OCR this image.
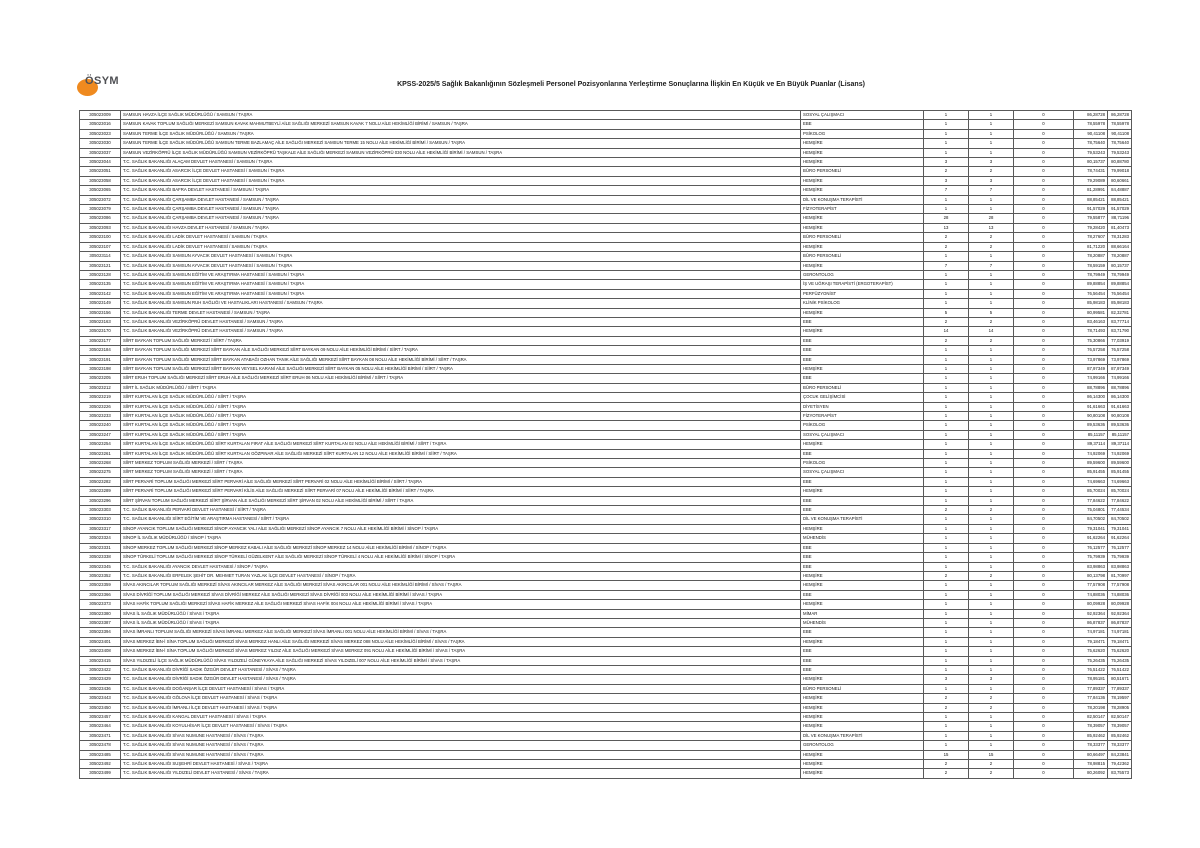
ÖSYM	KPSS-2025/5 Sağlık Bakanlığının Sözleşmeli Personel Pozisyonlarına Yerleştirme Sonuçlarına İlişkin En Küçük ve En Büyük Puanlar (Lisans)
305023009	SAMSUN HAVZA İLÇE SAĞLIK MÜDÜRLÜĞÜ / SAMSUN / TAŞRA	SOSYAL ÇALIŞMACI	1	1	0	86,28728	86,28728
305023016	SAMSUN KAVAK TOPLUM SAĞLIĞI MERKEZİ SAMSUN KAVAK MAHMUTBEYLİ AİLE SAĞLIĞI MERKEZİ SAMSUN KAVAK 7 NOLU AİLE HEKİMLİĞİ BİRİMİ / SAMSUN / TAŞRA	EBE	1	1	0	78,55978	78,55978
305023023	SAMSUN TERME İLÇE SAĞLIK MÜDÜRLÜĞÜ / SAMSUN / TAŞRA	PSİKOLOG	1	1	0	90,41108	90,41108
305023030	SAMSUN TERME İLÇE SAĞLIK MÜDÜRLÜĞÜ SAMSUN TERME BAZLAMAÇ AİLE SAĞLIĞI MERKEZİ SAMSUN TERME 15 NOLU AİLE HEKİMLİĞİ BİRİMİ / SAMSUN / TAŞRA	HEMŞİRE	1	1	0	78,75640	78,75640
305023037	SAMSUN VEZİRKÖPRÜ İLÇE SAĞLIK MÜDÜRLÜĞÜ SAMSUN VEZİRKÖPRÜ TAŞKALE AİLE SAĞLIĞI MERKEZİ SAMSUN VEZİRKÖPRÜ 030 NOLU AİLE HEKİMLİĞİ BİRİMİ / SAMSUN / TAŞRA	HEMŞİRE	1	1	0	79,53243	79,53243
305023044	T.C. SAĞLIK BAKANLIĞI ALAÇAM DEVLET HASTANESİ / SAMSUN / TAŞRA	HEMŞİRE	3	3	0	80,15737	80,88780
305023051	T.C. SAĞLIK BAKANLIĞI ASARCIK İLÇE DEVLET HASTANESİ / SAMSUN / TAŞRA	BÜRO PERSONELİ	2	2	0	78,74431	79,99018
305023058	T.C. SAĞLIK BAKANLIĞI ASARCIK İLÇE DEVLET HASTANESİ / SAMSUN / TAŞRA	HEMŞİRE	3	3	0	79,29089	80,60661
305023065	T.C. SAĞLIK BAKANLIĞI BAFRA DEVLET HASTANESİ / SAMSUN / TAŞRA	HEMŞİRE	7	7	0	81,28991	84,48887
305023072	T.C. SAĞLIK BAKANLIĞI ÇARŞAMBA DEVLET HASTANESİ / SAMSUN / TAŞRA	DİL VE KONUŞMA TERAPİSTİ	1	1	0	88,85421	88,85421
305023079	T.C. SAĞLIK BAKANLIĞI ÇARŞAMBA DEVLET HASTANESİ / SAMSUN / TAŞRA	FİZYOTERAPİST	1	1	0	91,57029	91,57029
305023086	T.C. SAĞLIK BAKANLIĞI ÇARŞAMBA DEVLET HASTANESİ / SAMSUN / TAŞRA	HEMŞİRE	28	28	0	79,55877	88,71196
305023093	T.C. SAĞLIK BAKANLIĞI HAVZA DEVLET HASTANESİ / SAMSUN / TAŞRA	HEMŞİRE	13	13	0	79,28420	81,40473
305023100	T.C. SAĞLIK BAKANLIĞI LADİK DEVLET HASTANESİ / SAMSUN / TAŞRA	BÜRO PERSONELİ	2	2	0	78,27607	78,31283
305023107	T.C. SAĞLIK BAKANLIĞI LADİK DEVLET HASTANESİ / SAMSUN / TAŞRA	HEMŞİRE	2	2	0	81,71220	88,66164
305023114	T.C. SAĞLIK BAKANLIĞI SAMSUN AYVACIK DEVLET HASTANESİ / SAMSUN / TAŞRA	BÜRO PERSONELİ	1	1	0	78,20887	78,20887
305023121	T.C. SAĞLIK BAKANLIĞI SAMSUN AYVACIK DEVLET HASTANESİ / SAMSUN / TAŞRA	HEMŞİRE	7	7	0	78,59159	80,15737
305023128	T.C. SAĞLIK BAKANLIĞI SAMSUN EĞİTİM VE ARAŞTIRMA HASTANESİ / SAMSUN / TAŞRA	GERONTOLOG	1	1	0	78,79949	78,79949
305023135	T.C. SAĞLIK BAKANLIĞI SAMSUN EĞİTİM VE ARAŞTIRMA HASTANESİ / SAMSUN / TAŞRA	İŞ VE UĞRAŞI TERAPİSTİ (ERGOTERAPİST)	1	1	0	89,88854	89,88854
305023142	T.C. SAĞLIK BAKANLIĞI SAMSUN EĞİTİM VE ARAŞTIRMA HASTANESİ / SAMSUN / TAŞRA	PERFÜZYONİST	1	1	0	76,56454	76,56454
305023149	T.C. SAĞLIK BAKANLIĞI SAMSUN RUH SAĞLIĞI VE HASTALIKLARI HASTANESİ / SAMSUN / TAŞRA	KLİNİK PSİKOLOG	1	1	0	85,98183	85,98183
305023156	T.C. SAĞLIK BAKANLIĞI TERME DEVLET HASTANESİ / SAMSUN / TAŞRA	HEMŞİRE	5	5	0	80,99581	82,32781
305023163	T.C. SAĞLIK BAKANLIĞI VEZİRKÖPRÜ DEVLET HASTANESİ / SAMSUN / TAŞRA	EBE	2	2	0	83,46163	83,77714
305023170	T.C. SAĞLIK BAKANLIĞI VEZİRKÖPRÜ DEVLET HASTANESİ / SAMSUN / TAŞRA	HEMŞİRE	14	14	0	78,71493	83,71790
305023177	SİİRT BAYKAN TOPLUM SAĞLIĞI MERKEZİ / SİİRT / TAŞRA	EBE	2	2	0	75,30866	77,03919
305023184	SİİRT BAYKAN TOPLUM SAĞLIĞI MERKEZİ SİİRT BAYKAN AİLE SAĞLIĞI MERKEZİ SİİRT BAYKAN 09 NOLU AİLE HEKİMLİĞİ BİRİMİ / SİİRT / TAŞRA	EBE	1	1	0	76,57258	76,57258
305023191	SİİRT BAYKAN TOPLUM SAĞLIĞI MERKEZİ SİİRT BAYKAN ATABAĞI OZHAN TANIK AİLE SAĞLIĞI MERKEZİ SİİRT BAYKAN 08 NOLU AİLE HEKİMLİĞİ BİRİMİ / SİİRT / TAŞRA	EBE	1	1	0	73,97869	73,97869
305023198	SİİRT BAYKAN TOPLUM SAĞLIĞI MERKEZİ SİİRT BAYKAN VEYSEL KARANİ AİLE SAĞLIĞI MERKEZİ SİİRT BAYKAN 05 NOLU AİLE HEKİMLİĞİ BİRİMİ / SİİRT / TAŞRA	HEMŞİRE	1	1	0	87,97349	87,97349
305023205	SİİRT ERUH TOPLUM SAĞLIĞI MERKEZİ SİİRT ERUH AİLE SAĞLIĞI MERKEZİ SİİRT ERUH 06 NOLU AİLE HEKİMLİĞİ BİRİMİ / SİİRT / TAŞRA	EBE	1	1	0	74,99166	74,99166
305023212	SİİRT İL SAĞLIK MÜDÜRLÜĞÜ / SİİRT / TAŞRA	BÜRO PERSONELİ	1	1	0	88,78896	88,78896
305023219	SİİRT KURTALAN İLÇE SAĞLIK MÜDÜRLÜĞÜ / SİİRT / TAŞRA	ÇOCUK GELİŞİMCİSİ	1	1	0	86,14300	86,14300
305023226	SİİRT KURTALAN İLÇE SAĞLIK MÜDÜRLÜĞÜ / SİİRT / TAŞRA	DİYETİSYEN	1	1	0	91,61663	91,61663
305023233	SİİRT KURTALAN İLÇE SAĞLIK MÜDÜRLÜĞÜ / SİİRT / TAŞRA	FİZYOTERAPİST	1	1	0	90,80108	90,80108
305023240	SİİRT KURTALAN İLÇE SAĞLIK MÜDÜRLÜĞÜ / SİİRT / TAŞRA	PSİKOLOG	1	1	0	89,53636	89,53636
305023247	SİİRT KURTALAN İLÇE SAĞLIK MÜDÜRLÜĞÜ / SİİRT / TAŞRA	SOSYAL ÇALIŞMACI	1	1	0	85,11157	85,11157
305023254	SİİRT KURTALAN İLÇE SAĞLIK MÜDÜRLÜĞÜ SİİRT KURTALAN FIRAT AİLE SAĞLIĞI MERKEZİ SİİRT KURTALAN 02 NOLU AİLE HEKİMLİĞİ BİRİMİ / SİİRT / TAŞRA	HEMŞİRE	1	1	0	89,37114	89,37114
305023261	SİİRT KURTALAN İLÇE SAĞLIK MÜDÜRLÜĞÜ SİİRT KURTALAN GÖZPINAR AİLE SAĞLIĞI MERKEZİ SİİRT KURTALAN 12 NOLU AİLE HEKİMLİĞİ BİRİMİ / SİİRT / TAŞRA	EBE	1	1	0	74,92069	74,92069
305023268	SİİRT MERKEZ TOPLUM SAĞLIĞI MERKEZİ / SİİRT / TAŞRA	PSİKOLOG	1	1	0	89,59600	89,59600
305023275	SİİRT MERKEZ TOPLUM SAĞLIĞI MERKEZİ / SİİRT / TAŞRA	SOSYAL ÇALIŞMACI	1	1	0	85,91455	85,91455
305023282	SİİRT PERVARİ TOPLUM SAĞLIĞI MERKEZİ SİİRT PERVARİ AİLE SAĞLIĞI MERKEZİ SİİRT PERVARİ 02 NOLU AİLE HEKİMLİĞİ BİRİMİ / SİİRT / TAŞRA	EBE	1	1	0	74,69663	74,69663
305023289	SİİRT PERVARİ TOPLUM SAĞLIĞI MERKEZİ SİİRT PERVARİ KİLİS AİLE SAĞLIĞI MERKEZİ SİİRT PERVARİ 07 NOLU AİLE HEKİMLİĞİ BİRİMİ / SİİRT / TAŞRA	HEMŞİRE	1	1	0	85,70024	85,70024
305023296	SİİRT ŞİRVAN TOPLUM SAĞLIĞI MERKEZİ SİİRT ŞİRVAN AİLE SAĞLIĞI MERKEZİ SİİRT ŞİRVAN 02 NOLU AİLE HEKİMLİĞİ BİRİMİ / SİİRT / TAŞRA	EBE	1	1	0	77,84622	77,84622
305023303	T.C. SAĞLIK BAKANLIĞI PERVARİ DEVLET HASTANESİ / SİİRT / TAŞRA	EBE	2	2	0	75,04801	77,44534
305023310	T.C. SAĞLIK BAKANLIĞI SİİRT EĞİTİM VE ARAŞTIRMA HASTANESİ / SİİRT / TAŞRA	DİL VE KONUŞMA TERAPİSTİ	1	1	0	84,70502	84,70502
305023317	SİNOP AYANCIK TOPLUM SAĞLIĞI MERKEZİ SİNOP AYANCIK YALI AİLE SAĞLIĞI MERKEZİ SİNOP AYANCIK 7 NOLU AİLE HEKİMLİĞİ BİRİMİ / SİNOP / TAŞRA	HEMŞİRE	1	1	0	79,31041	79,31041
305023324	SİNOP İL SAĞLIK MÜDÜRLÜĞÜ / SİNOP / TAŞRA	MÜHENDİS	1	1	0	91,62264	91,62264
305023331	SİNOP MERKEZ TOPLUM SAĞLIĞI MERKEZİ SİNOP MERKEZ KABALI AİLE SAĞLIĞI MERKEZİ SİNOP MERKEZ 14 NOLU AİLE HEKİMLİĞİ BİRİMİ / SİNOP / TAŞRA	EBE	1	1	0	76,12577	76,12577
305023338	SİNOP TÜRKELİ TOPLUM SAĞLIĞI MERKEZİ SİNOP TÜRKELİ GÜZELKENT AİLE SAĞLIĞI MERKEZİ SİNOP TÜRKELİ 4 NOLU AİLE HEKİMLİĞİ BİRİMİ / SİNOP / TAŞRA	EBE	1	1	0	75,79939	75,79939
305023345	T.C. SAĞLIK BAKANLIĞI AYANCIK DEVLET HASTANESİ / SİNOP / TAŞRA	EBE	1	1	0	83,98863	83,98863
305023352	T.C. SAĞLIK BAKANLIĞI ERFELEK ŞEHİT DR. MEHMET TURAN YAZLAK İLÇE DEVLET HASTANESİ / SİNOP / TAŞRA	HEMŞİRE	2	2	0	80,13798	81,70997
305023359	SİVAS AKINCILAR TOPLUM SAĞLIĞI MERKEZİ SİVAS AKINCILAR MERKEZ AİLE SAĞLIĞI MERKEZİ SİVAS AKINCILAR 001 NOLU AİLE HEKİMLİĞİ BİRİMİ / SİVAS / TAŞRA	HEMŞİRE	1	1	0	77,57908	77,57908
305023366	SİVAS DİVRİĞİ TOPLUM SAĞLIĞI MERKEZİ SİVAS DİVRİĞİ MERKEZ AİLE SAĞLIĞI MERKEZİ SİVAS DİVRİĞİ 003 NOLU AİLE HEKİMLİĞİ BİRİMİ / SİVAS / TAŞRA	EBE	1	1	0	74,88036	74,88036
305023373	SİVAS HAFİK TOPLUM SAĞLIĞI MERKEZİ SİVAS HAFİK MERKEZ AİLE SAĞLIĞI MERKEZİ SİVAS HAFİK 004 NOLU AİLE HEKİMLİĞİ BİRİMİ / SİVAS / TAŞRA	HEMŞİRE	1	1	0	80,09928	80,09928
305023380	SİVAS İL SAĞLIK MÜDÜRLÜĞÜ / SİVAS / TAŞRA	MİMAR	1	1	0	92,92364	92,92364
305023387	SİVAS İL SAĞLIK MÜDÜRLÜĞÜ / SİVAS / TAŞRA	MÜHENDİS	1	1	0	86,87837	86,87837
305023394	SİVAS İMRANLI TOPLUM SAĞLIĞI MERKEZİ SİVAS İMRANLI MERKEZ AİLE SAĞLIĞI MERKEZİ SİVAS İMRANLI 001 NOLU AİLE HEKİMLİĞİ BİRİMİ / SİVAS / TAŞRA	EBE	1	1	0	74,97181	74,97181
305023401	SİVAS MERKEZ İBN-İ SİNA TOPLUM SAĞLIĞI MERKEZİ SİVAS MERKEZ HANLI AİLE SAĞLIĞI MERKEZİ SİVAS MERKEZ 088 NOLU AİLE HEKİMLİĞİ BİRİMİ / SİVAS / TAŞRA	HEMŞİRE	1	1	0	79,18471	79,18471
305023408	SİVAS MERKEZ İBN-İ SİNA TOPLUM SAĞLIĞI MERKEZİ SİVAS MERKEZ YILDIZ AİLE SAĞLIĞI MERKEZİ SİVAS MERKEZ 091 NOLU AİLE HEKİMLİĞİ BİRİMİ / SİVAS / TAŞRA	EBE	1	1	0	75,62620	75,62620
305023415	SİVAS YILDIZELİ İLÇE SAĞLIK MÜDÜRLÜĞÜ SİVAS YILDIZELİ GÜNEYKAYA AİLE SAĞLIĞI MERKEZİ SİVAS YILDIZELİ 007 NOLU AİLE HEKİMLİĞİ BİRİMİ / SİVAS / TAŞRA	EBE	1	1	0	75,26435	75,26435
305023422	T.C. SAĞLIK BAKANLIĞI DİVRİĞİ SADIK ÖZGÜR DEVLET HASTANESİ / SİVAS / TAŞRA	EBE	1	1	0	76,51422	76,51422
305023429	T.C. SAĞLIK BAKANLIĞI DİVRİĞİ SADIK ÖZGÜR DEVLET HASTANESİ / SİVAS / TAŞRA	HEMŞİRE	3	3	0	78,95181	80,51671
305023436	T.C. SAĞLIK BAKANLIĞI DOĞANŞAR İLÇE DEVLET HASTANESİ / SİVAS / TAŞRA	BÜRO PERSONELİ	1	1	0	77,89337	77,89337
305023443	T.C. SAĞLIK BAKANLIĞI GÖLOVA İLÇE DEVLET HASTANESİ / SİVAS / TAŞRA	HEMŞİRE	2	2	0	77,84136	78,19597
305023450	T.C. SAĞLIK BAKANLIĞI İMRANLI İLÇE DEVLET HASTANESİ / SİVAS / TAŞRA	HEMŞİRE	2	2	0	78,20198	78,28905
305023457	T.C. SAĞLIK BAKANLIĞI KANGAL DEVLET HASTANESİ / SİVAS / TAŞRA	HEMŞİRE	1	1	0	82,50147	82,50147
305023464	T.C. SAĞLIK BAKANLIĞI KOYULHİSAR İLÇE DEVLET HASTANESİ / SİVAS / TAŞRA	HEMŞİRE	1	1	0	78,39057	78,39057
305023471	T.C. SAĞLIK BAKANLIĞI SİVAS NUMUNE HASTANESİ / SİVAS / TAŞRA	DİL VE KONUŞMA TERAPİSTİ	1	1	0	85,92462	85,92462
305023478	T.C. SAĞLIK BAKANLIĞI SİVAS NUMUNE HASTANESİ / SİVAS / TAŞRA	GERONTOLOG	1	1	0	78,33377	78,33377
305023485	T.C. SAĞLIK BAKANLIĞI SİVAS NUMUNE HASTANESİ / SİVAS / TAŞRA	HEMŞİRE	15	15	0	80,66497	84,23841
305023492	T.C. SAĞLIK BAKANLIĞI SUŞEHRİ DEVLET HASTANESİ / SİVAS / TAŞRA	HEMŞİRE	2	2	0	78,98815	79,42362
305023499	T.C. SAĞLIK BAKANLIĞI YILDIZELİ DEVLET HASTANESİ / SİVAS / TAŞRA	HEMŞİRE	2	2	0	80,26092	83,75573
